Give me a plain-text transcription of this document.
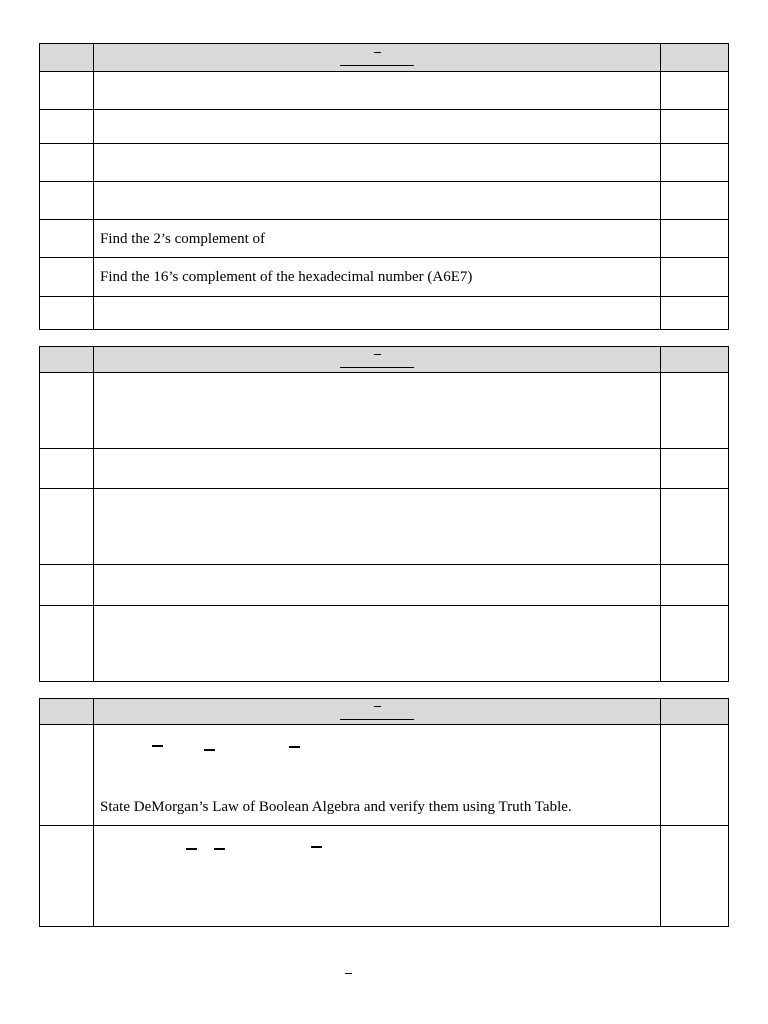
	Find the 2’s complement of	
	Find the 16’s complement of the hexadecimal number (A6E7)	

	State DeMorgan’s Law of Boolean Algebra and verify them using Truth Table.	
